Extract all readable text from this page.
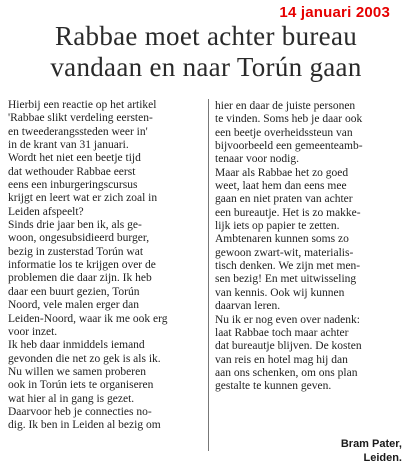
14 januari 2003
Rabbae moet achter bureau
vandaan en naar Torún gaan
Hierbij een reactie op het artikel
'Rabbae slikt verdeling eersten-
en tweederangssteden weer in'
in de krant van 31 januari.
Wordt het niet een beetje tijd
dat wethouder Rabbae eerst
eens een inburgeringscursus
krijgt en leert wat er zich zoal in
Leiden afspeelt?
Sinds drie jaar ben ik, als ge-
woon, ongesubsidieerd burger,
bezig in zusterstad Torún wat
informatie los te krijgen over de
problemen die daar zijn. Ik heb
daar een buurt gezien, Torún
Noord, vele malen erger dan
Leiden-Noord, waar ik me ook erg
voor inzet.
Ik heb daar inmiddels iemand
gevonden die net zo gek is als ik.
Nu willen we samen proberen
ook in Torún iets te organiseren
wat hier al in gang is gezet.
Daarvoor heb je connecties no-
dig. Ik ben in Leiden al bezig om
hier en daar de juiste personen
te vinden. Soms heb je daar ook
een beetje overheidssteun van
bijvoorbeeld een gemeenteamb-
tenaar voor nodig.
Maar als Rabbae het zo goed
weet, laat hem dan eens mee
gaan en niet praten van achter
een bureautje. Het is zo makke-
lijk iets op papier te zetten.
Ambtenaren kunnen soms zo
gewoon zwart-wit, materialis-
tisch denken. We zijn met men-
sen bezig! En met uitwisseling
van kennis. Ook wij kunnen
daarvan leren.
Nu ik er nog even over nadenk:
laat Rabbae toch maar achter
dat bureautje blijven. De kosten
van reis en hotel mag hij dan
aan ons schenken, om ons plan
gestalte te kunnen geven.
Bram Pater,
Leiden.
